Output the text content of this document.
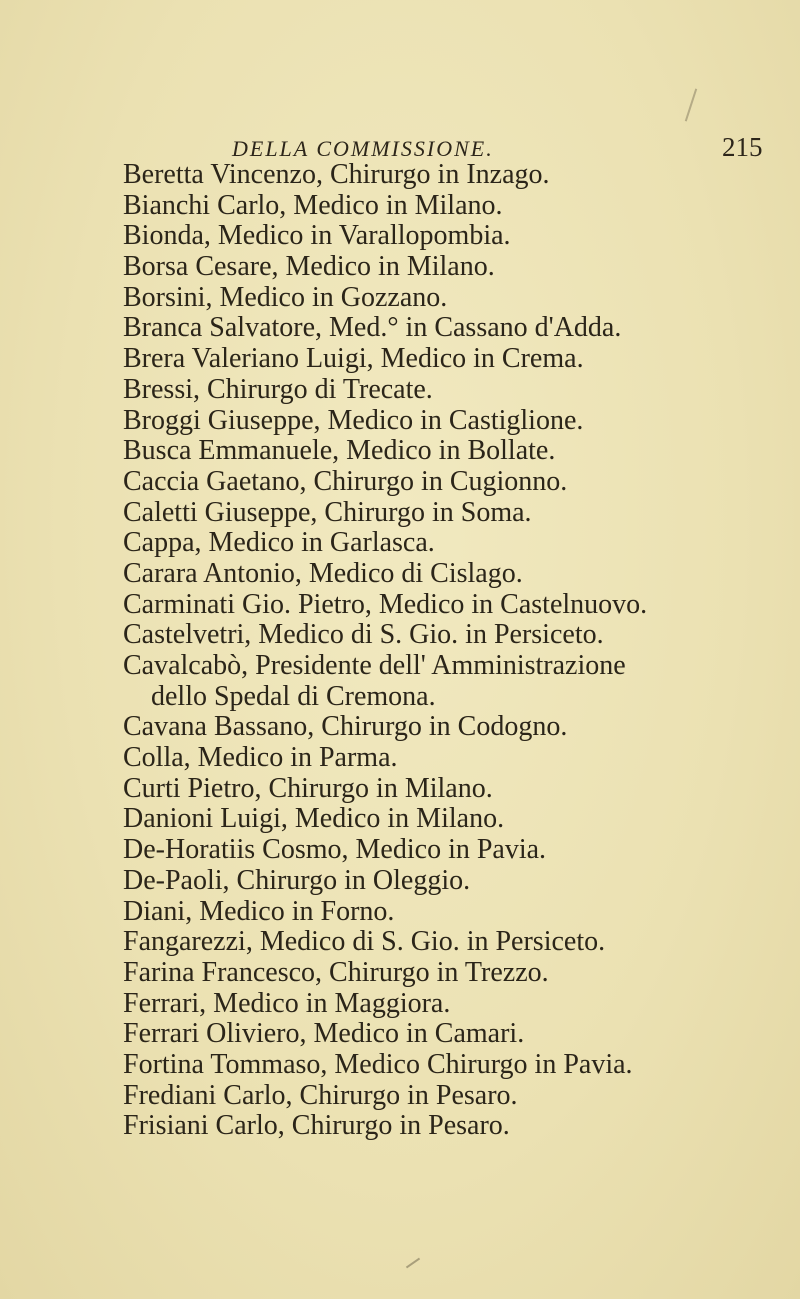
DELLA COMMISSIONE.	215
Beretta Vincenzo, Chirurgo in Inzago.
Bianchi Carlo, Medico in Milano.
Bionda, Medico in Varallopombia.
Borsa Cesare, Medico in Milano.
Borsini, Medico in Gozzano.
Branca Salvatore, Med.° in Cassano d'Adda.
Brera Valeriano Luigi, Medico in Crema.
Bressi, Chirurgo di Trecate.
Broggi Giuseppe, Medico in Castiglione.
Busca Emmanuele, Medico in Bollate.
Caccia Gaetano, Chirurgo in Cugionno.
Caletti Giuseppe, Chirurgo in Soma.
Cappa, Medico in Garlasca.
Carara Antonio, Medico di Cislago.
Carminati Gio. Pietro, Medico in Castelnuovo.
Castelvetri, Medico di S. Gio. in Persiceto.
Cavalcabò, Presidente dell' Amministrazione
dello Spedal di Cremona.
Cavana Bassano, Chirurgo in Codogno.
Colla, Medico in Parma.
Curti Pietro, Chirurgo in Milano.
Danioni Luigi, Medico in Milano.
De-Horatiis Cosmo, Medico in Pavia.
De-Paoli, Chirurgo in Oleggio.
Diani, Medico in Forno.
Fangarezzi, Medico di S. Gio. in Persiceto.
Farina Francesco, Chirurgo in Trezzo.
Ferrari, Medico in Maggiora.
Ferrari Oliviero, Medico in Camari.
Fortina Tommaso, Medico Chirurgo in Pavia.
Frediani Carlo, Chirurgo in Pesaro.
Frisiani Carlo, Chirurgo in Pesaro.
